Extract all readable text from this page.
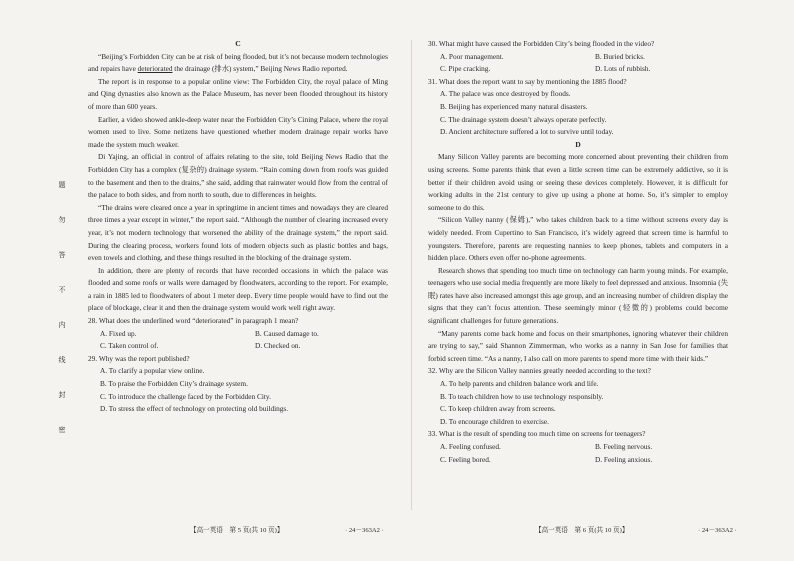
题
勿
答
不
内
线
封
密

C

“Beijing’s Forbidden City can be at risk of being flooded, but it’s not because modern technologies and repairs have deteriorated the drainage (排水) system,” Beijing News Radio reported.

The report is in response to a popular online view: The Forbidden City, the royal palace of Ming and Qing dynasties also known as the Palace Museum, has never been flooded throughout its history of more than 600 years.

Earlier, a video showed ankle-deep water near the Forbidden City’s Cining Palace, where the royal women used to live. Some netizens have questioned whether modern drainage repair works have made the system much weaker.

Di Yajing, an official in control of affairs relating to the site, told Beijing News Radio that the Forbidden City has a complex (复杂的) drainage system. “Rain coming down from roofs was guided to the basement and then to the drains,” she said, adding that rainwater would flow from the central of the palace to both sides, and from north to south, due to differences in heights.

“The drains were cleared once a year in springtime in ancient times and nowadays they are cleared three times a year except in winter,” the report said. “Although the number of clearing increased every year, it’s not modern technology that worsened the ability of the drainage system,” the report said. During the clearing process, workers found lots of modern objects such as plastic bottles and bags, even towels and clothing, and these things resulted in the blocking of the drainage system.

In addition, there are plenty of records that have recorded occasions in which the palace was flooded and some roofs or walls were damaged by floodwaters, according to the report. For example, a rain in 1885 led to floodwaters of about 1 meter deep. Every time people would have to find out the place of blockage, clear it and then the drainage system would work well right away.

28. What does the underlined word “deteriorated” in paragraph 1 mean?

A. Fixed up.	B. Caused damage to.
C. Taken control of.	D. Checked on.

29. Why was the report published?

A. To clarify a popular view online.

B. To praise the Forbidden City’s drainage system.

C. To introduce the challenge faced by the Forbidden City.

D. To stress the effect of technology on protecting old buildings.

30. What might have caused the Forbidden City’s being flooded in the video?

A. Poor management.	B. Buried bricks.
C. Pipe cracking.	D. Lots of rubbish.

31. What does the report want to say by mentioning the 1885 flood?

A. The palace was once destroyed by floods.

B. Beijing has experienced many natural disasters.

C. The drainage system doesn’t always operate perfectly.

D. Ancient architecture suffered a lot to survive until today.

D

Many Silicon Valley parents are becoming more concerned about preventing their children from using screens. Some parents think that even a little screen time can be extremely addictive, so it is better if their children avoid using or seeing these devices completely. However, it is difficult for working adults in the 21st century to give up using a phone at home. So, it’s simpler to employ someone to do this.

“Silicon Valley nanny (保姆),” who takes children back to a time without screens every day is widely needed. From Cupertino to San Francisco, it’s widely agreed that screen time is harmful to youngsters. Therefore, parents are requesting nannies to keep phones, tablets and computers in a hidden place. Others even offer no-phone agreements.

Research shows that spending too much time on technology can harm young minds. For example, teenagers who use social media frequently are more likely to feel depressed and anxious. Insomnia (失眠) rates have also increased amongst this age group, and an increasing number of children display the signs that they can’t focus attention. These seemingly minor (轻微的) problems could become significant challenges for future generations.

“Many parents come back home and focus on their smartphones, ignoring whatever their children are trying to say,” said Shannon Zimmerman, who works as a nanny in San Jose for families that forbid screen time. “As a nanny, I also call on more parents to spend more time with their kids.”

32. Why are the Silicon Valley nannies greatly needed according to the text?

A. To help parents and children balance work and life.

B. To teach children how to use technology responsibly.

C. To keep children away from screens.

D. To encourage children to exercise.

33. What is the result of spending too much time on screens for teenagers?

A. Feeling confused.	B. Feeling nervous.
C. Feeling bored.	D. Feeling anxious.
【高一英语　第 5 页(共 10 页)】	· 24－363A2 ·	【高一英语　第 6 页(共 10 页)】	· 24－363A2 ·
